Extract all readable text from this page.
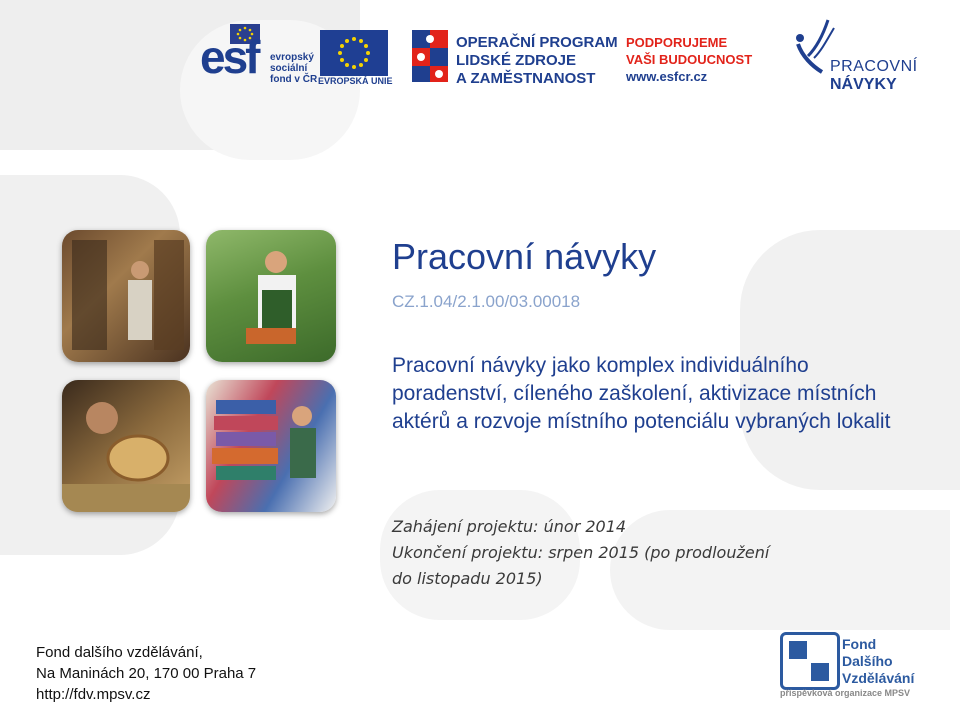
esf evropský
sociální
fond v ČR EVROPSKÁ UNIE
OPERAČNÍ PROGRAM
LIDSKÉ ZDROJE
A ZAMĚSTNANOST
PODPORUJEME
VAŠI BUDOUCNOST
www.esfcr.cz
PRACOVNÍ
NÁVYKY
Pracovní návyky
CZ.1.04/2.1.00/03.00018
Pracovní návyky jako komplex individuálního poradenství, cíleného zaškolení, aktivizace místních aktérů a rozvoje místního potenciálu vybraných lokalit
Zahájení projektu: únor 2014
Ukončení projektu: srpen 2015 (po prodloužení
do listopadu 2015)
Fond dalšího vzdělávání,
Na Maninách 20, 170 00 Praha 7
http://fdv.mpsv.cz
Fond
Dalšího
Vzdělávání
příspěvková organizace MPSV
